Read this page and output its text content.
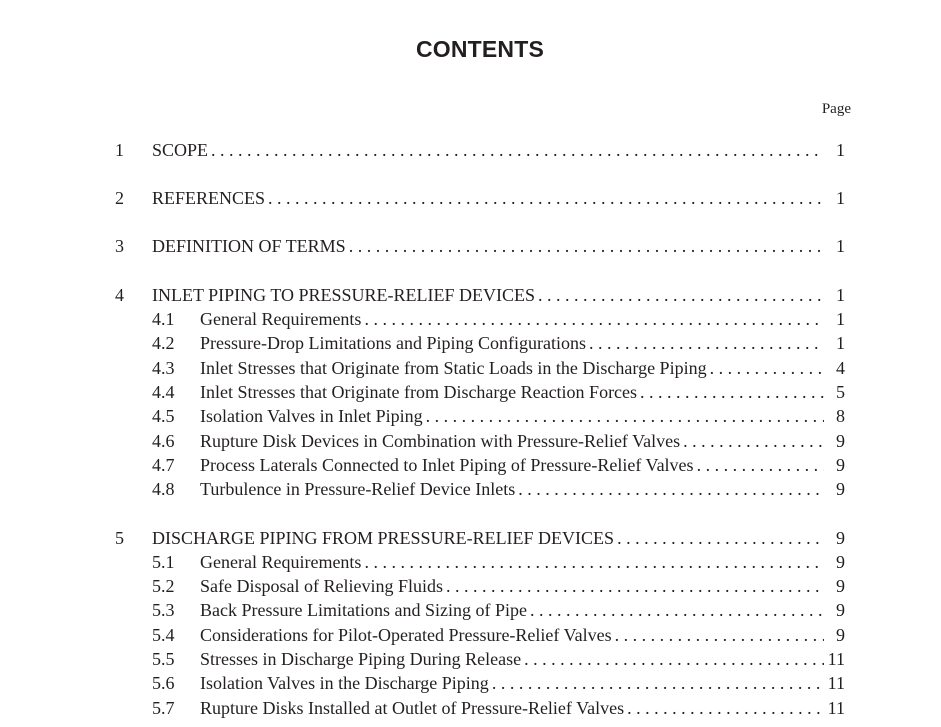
CONTENTS
Page
1 SCOPE . . .	1
2 REFERENCES . . .	1
3 DEFINITION OF TERMS . . .	1
4 INLET PIPING TO PRESSURE-RELIEF DEVICES . . .	1
4.1 General Requirements . . .	1
4.2 Pressure-Drop Limitations and Piping Configurations . . .	1
4.3 Inlet Stresses that Originate from Static Loads in the Discharge Piping . . .	4
4.4 Inlet Stresses that Originate from Discharge Reaction Forces . . .	5
4.5 Isolation Valves in Inlet Piping . . .	8
4.6 Rupture Disk Devices in Combination with Pressure-Relief Valves . . .	9
4.7 Process Laterals Connected to Inlet Piping of Pressure-Relief Valves . . .	9
4.8 Turbulence in Pressure-Relief Device Inlets . . .	9
5 DISCHARGE PIPING FROM PRESSURE-RELIEF DEVICES . . .	9
5.1 General Requirements . . .	9
5.2 Safe Disposal of Relieving Fluids . . .	9
5.3 Back Pressure Limitations and Sizing of Pipe . . .	9
5.4 Considerations for Pilot-Operated Pressure-Relief Valves . . .	9
5.5 Stresses in Discharge Piping During Release . . .	11
5.6 Isolation Valves in the Discharge Piping . . .	11
5.7 Rupture Disks Installed at Outlet of Pressure-Relief Valves . . .	11
